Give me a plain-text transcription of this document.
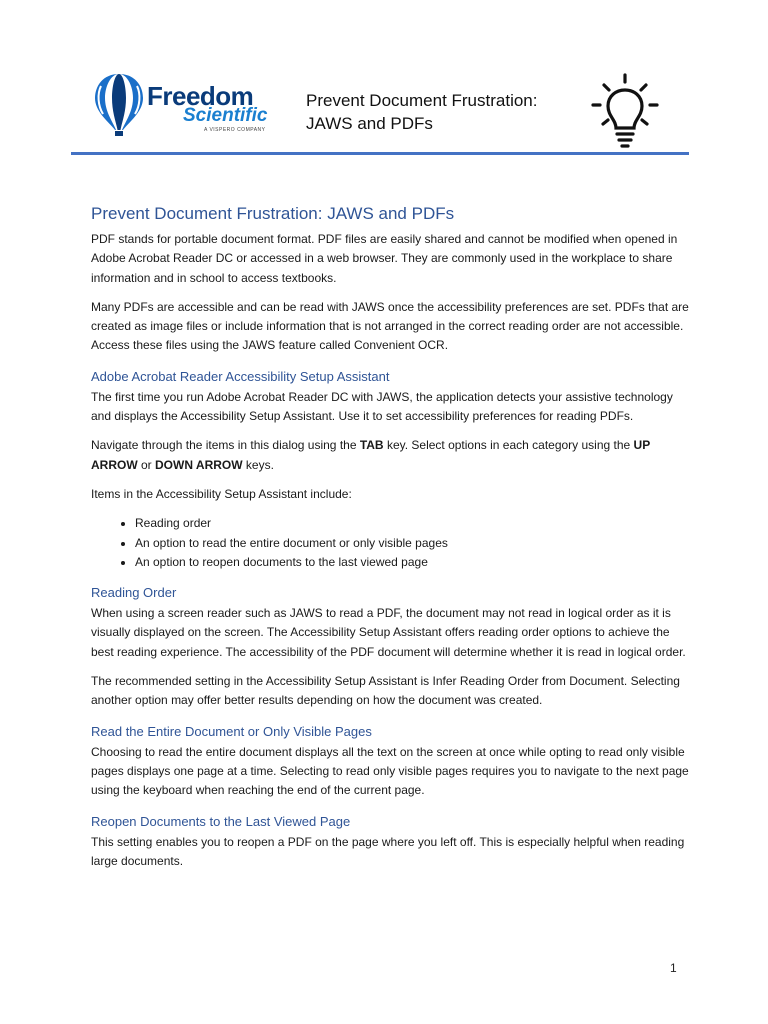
Freedom
Scientific
A VISPERO COMPANY
Prevent Document Frustration:
JAWS and PDFs
Prevent Document Frustration: JAWS and PDFs

PDF stands for portable document format. PDF files are easily shared and cannot be modified when opened in Adobe Acrobat Reader DC or accessed in a web browser. They are commonly used in the workplace to share information and in school to access textbooks.

Many PDFs are accessible and can be read with JAWS once the accessibility preferences are set. PDFs that are created as image files or include information that is not arranged in the correct reading order are not accessible. Access these files using the JAWS feature called Convenient OCR.

Adobe Acrobat Reader Accessibility Setup Assistant

The first time you run Adobe Acrobat Reader DC with JAWS, the application detects your assistive technology and displays the Accessibility Setup Assistant. Use it to set accessibility preferences for reading PDFs.

Navigate through the items in this dialog using the TAB key. Select options in each category using the UP ARROW or DOWN ARROW keys.

Items in the Accessibility Setup Assistant include:

• Reading order
• An option to read the entire document or only visible pages
• An option to reopen documents to the last viewed page
Reading Order

When using a screen reader such as JAWS to read a PDF, the document may not read in logical order as it is visually displayed on the screen. The Accessibility Setup Assistant offers reading order options to achieve the best reading experience. The accessibility of the PDF document will determine whether it is read in logical order.

The recommended setting in the Accessibility Setup Assistant is Infer Reading Order from Document. Selecting another option may offer better results depending on how the document was created.

Read the Entire Document or Only Visible Pages

Choosing to read the entire document displays all the text on the screen at once while opting to read only visible pages displays one page at a time. Selecting to read only visible pages requires you to navigate to the next page using the keyboard when reaching the end of the current page.

Reopen Documents to the Last Viewed Page

This setting enables you to reopen a PDF on the page where you left off. This is especially helpful when reading large documents.

1
